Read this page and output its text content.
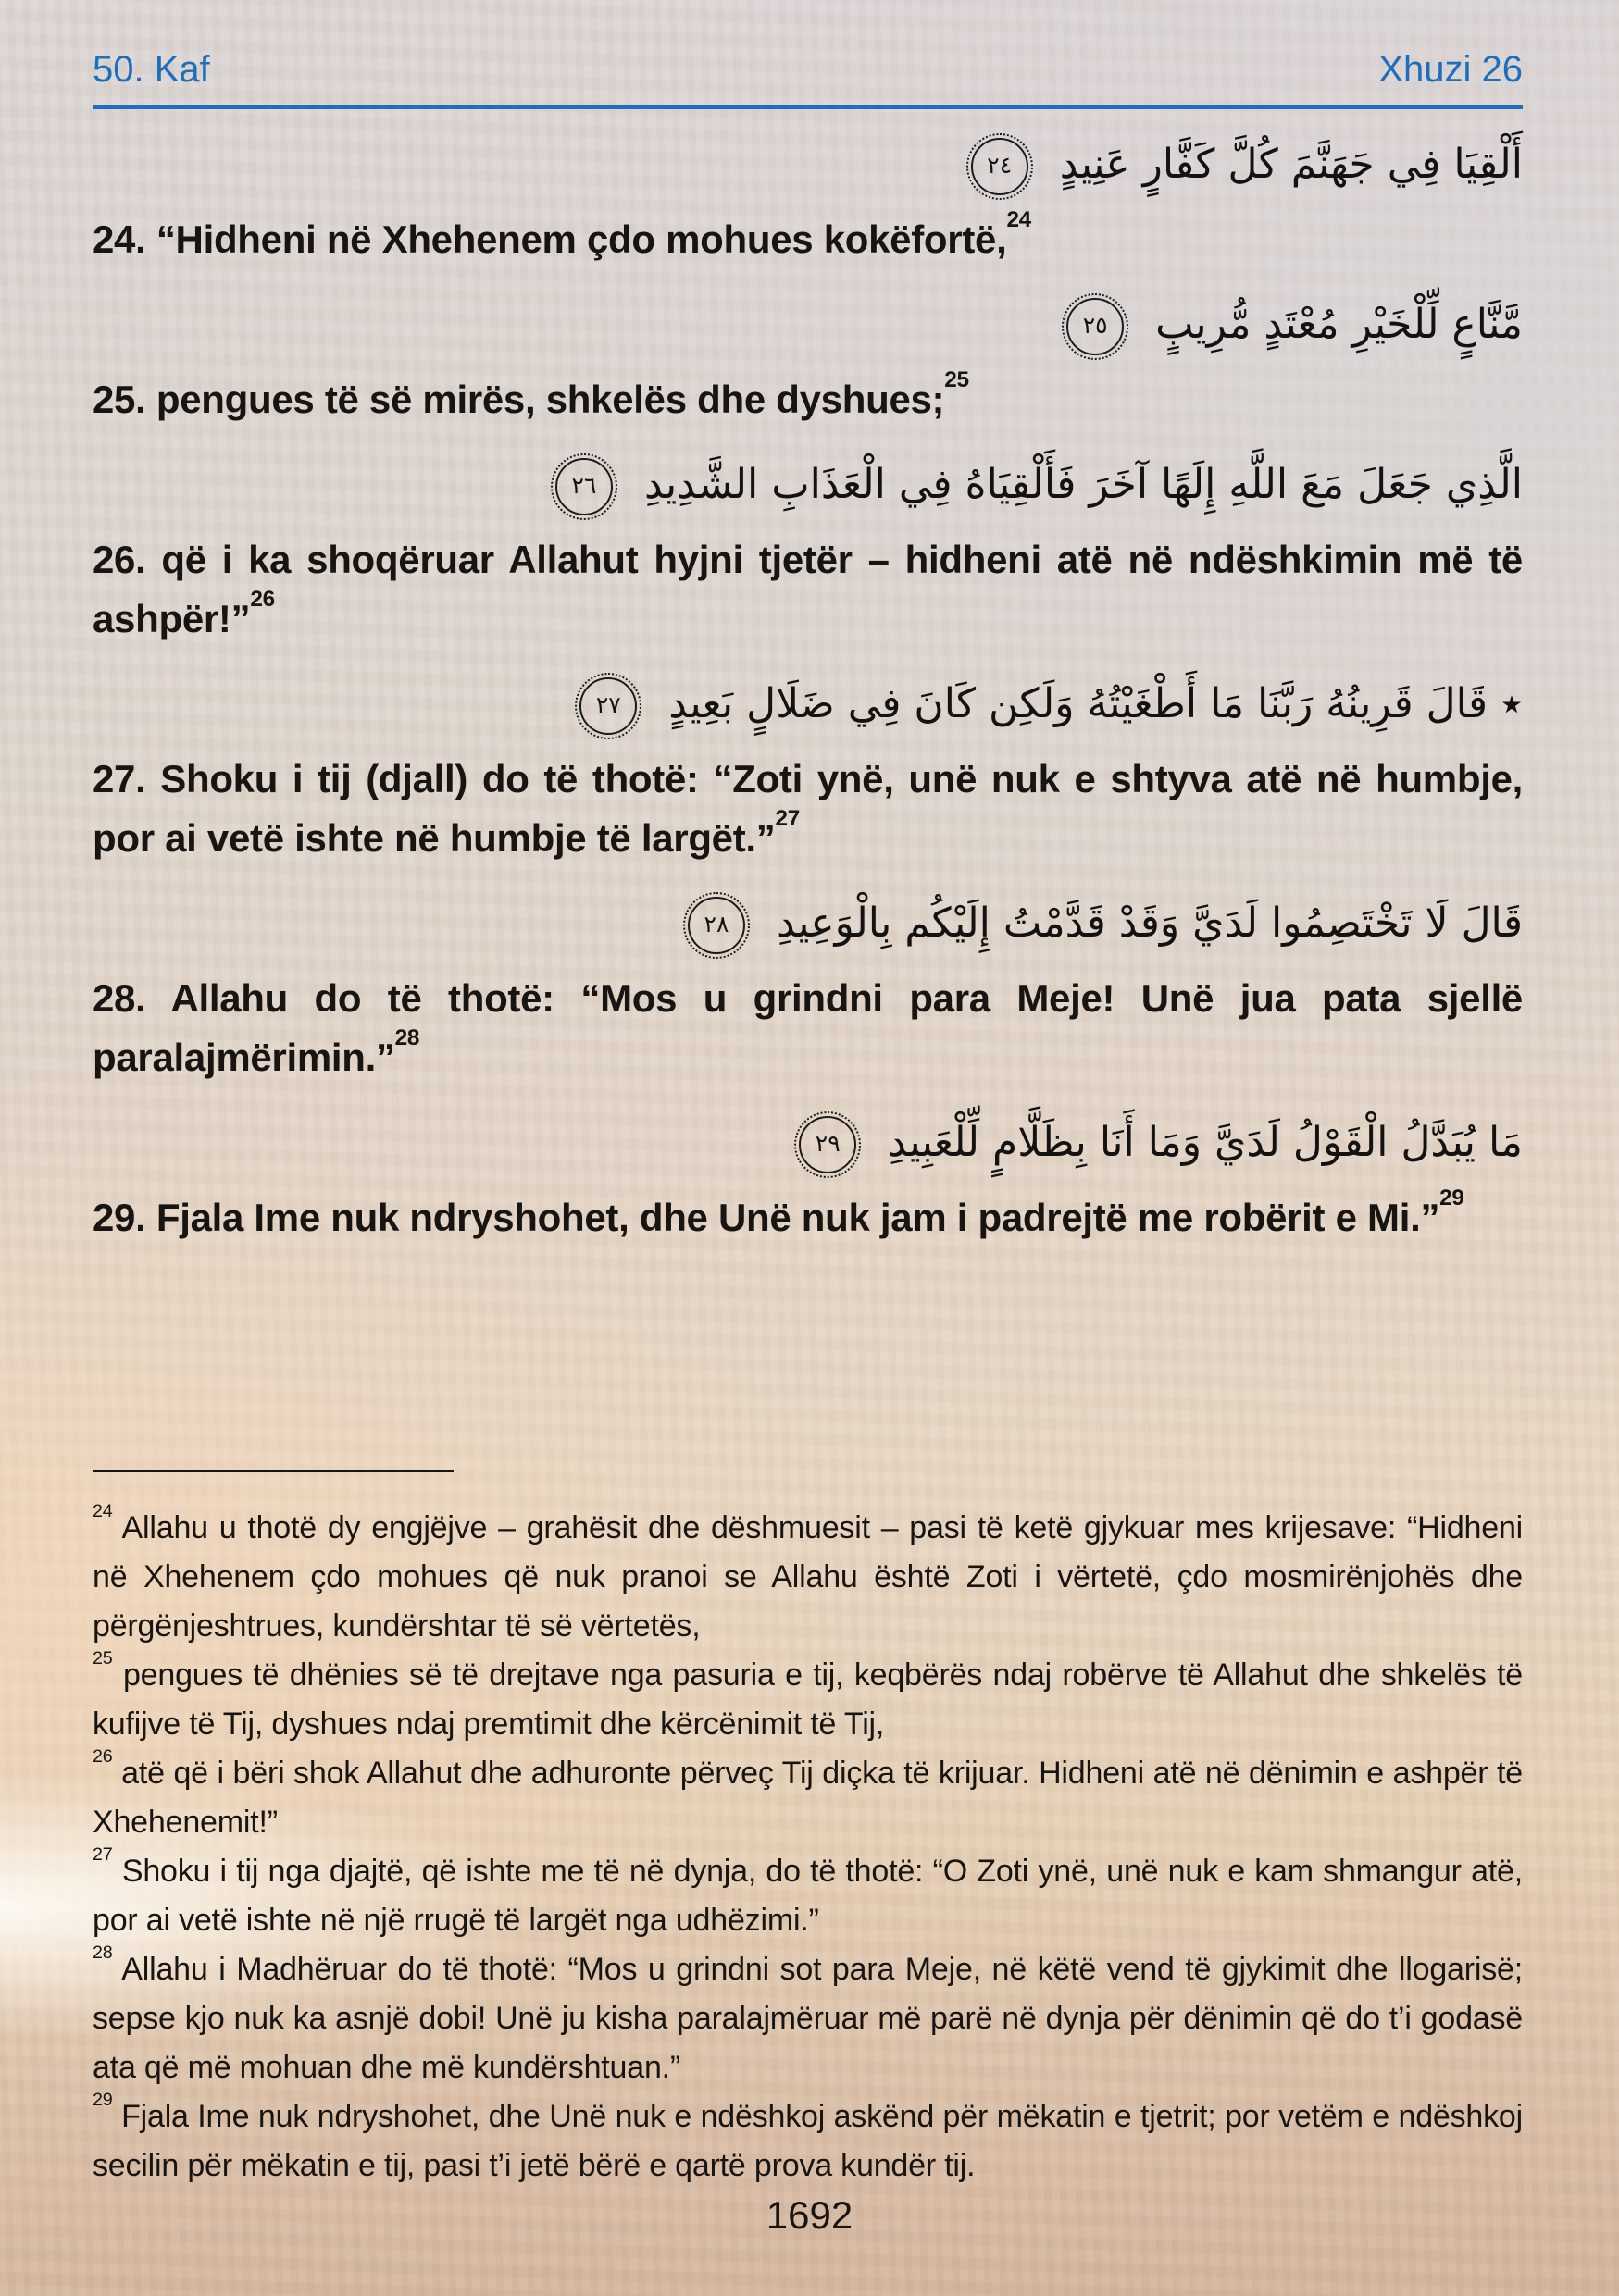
50. Kaf	Xhuzi 26
أَلْقِيَا فِي جَهَنَّمَ كُلَّ كَفَّارٍ عَنِيدٍ ٢٤

24. “Hidheni në Xhehenem çdo mohues kokëfortë,$^{24}$

مَّنَّاعٍ لِّلْخَيْرِ مُعْتَدٍ مُّرِيبٍ ٢٥

25. pengues të së mirës, shkelës dhe dyshues;$^{25}$

الَّذِي جَعَلَ مَعَ اللَّهِ إِلَهًا آخَرَ فَأَلْقِيَاهُ فِي الْعَذَابِ الشَّدِيدِ ٢٦

26. që i ka shoqëruar Allahut hyjni tjetër – hidheni atë në ndëshkimin më të ashpër!”$^{26}$

٭ قَالَ قَرِينُهُ رَبَّنَا مَا أَطْغَيْتُهُ وَلَكِن كَانَ فِي ضَلَالٍ بَعِيدٍ ٢٧

27. Shoku i tij (djall) do të thotë: “Zoti ynë, unë nuk e shtyva atë në humbje, por ai vetë ishte në humbje të largët.”$^{27}$

قَالَ لَا تَخْتَصِمُوا لَدَيَّ وَقَدْ قَدَّمْتُ إِلَيْكُم بِالْوَعِيدِ ٢٨

28. Allahu do të thotë: “Mos u grindni para Meje! Unë jua pata sjellë paralajmërimin.”$^{28}$

مَا يُبَدَّلُ الْقَوْلُ لَدَيَّ وَمَا أَنَا بِظَلَّامٍ لِّلْعَبِيدِ ٢٩

29. Fjala Ime nuk ndryshohet, dhe Unë nuk jam i padrejtë me robërit e Mi.”$^{29}$

$^{24}$ Allahu u thotë dy engjëjve – grahësit dhe dëshmuesit – pasi të ketë gjykuar mes krijesave: “Hidheni në Xhehenem çdo mohues që nuk pranoi se Allahu është Zoti i vërtetë, çdo mosmirënjohës dhe përgënjeshtrues, kundërshtar të së vërtetës,

$^{25}$ pengues të dhënies së të drejtave nga pasuria e tij, keqbërës ndaj robërve të Allahut dhe shkelës të kufijve të Tij, dyshues ndaj premtimit dhe kërcënimit të Tij,

$^{26}$ atë që i bëri shok Allahut dhe adhuronte përveç Tij diçka të krijuar. Hidheni atë në dënimin e ashpër të Xhehenemit!”

$^{27}$ Shoku i tij nga djajtë, që ishte me të në dynja, do të thotë: “O Zoti ynë, unë nuk e kam shmangur atë, por ai vetë ishte në një rrugë të largët nga udhëzimi.”

$^{28}$ Allahu i Madhëruar do të thotë: “Mos u grindni sot para Meje, në këtë vend të gjykimit dhe llogarisë; sepse kjo nuk ka asnjë dobi! Unë ju kisha paralajmëruar më parë në dynja për dënimin që do t’i godasë ata që më mohuan dhe më kundërshtuan.”

$^{29}$ Fjala Ime nuk ndryshohet, dhe Unë nuk e ndëshkoj askënd për mëkatin e tjetrit; por vetëm e ndëshkoj secilin për mëkatin e tij, pasi t’i jetë bërë e qartë prova kundër tij.

1692
